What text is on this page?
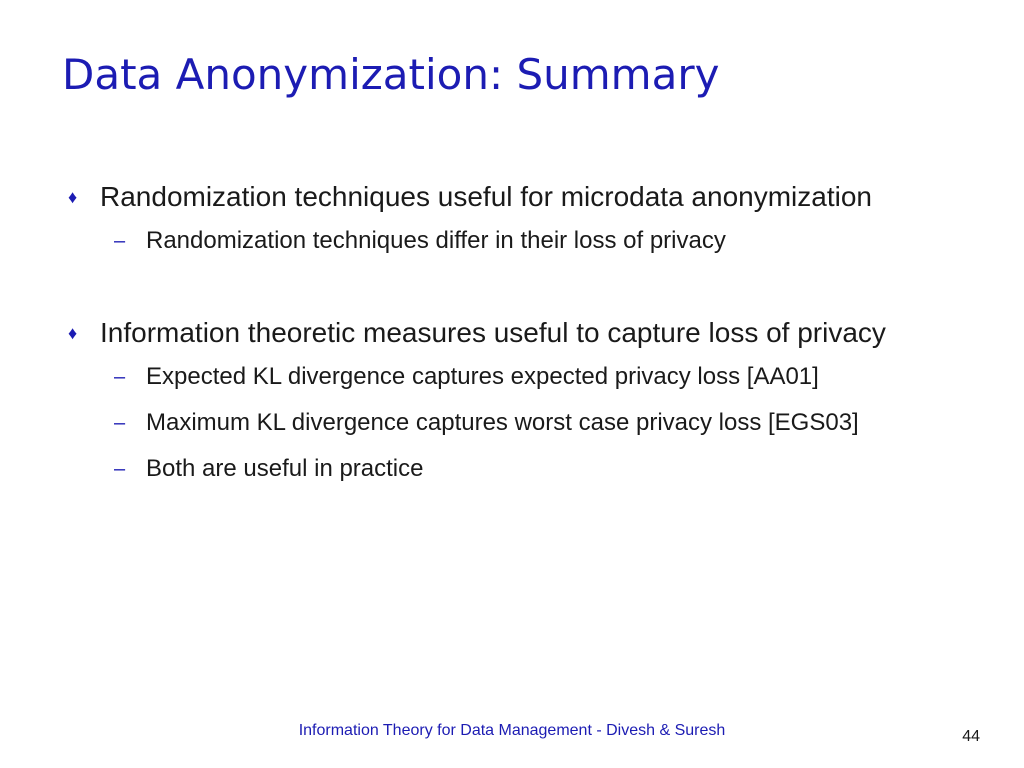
Data Anonymization: Summary
♦ Randomization techniques useful for microdata anonymization
– Randomization techniques differ in their loss of privacy
♦ Information theoretic measures useful to capture loss of privacy
– Expected KL divergence captures expected privacy loss [AA01]
– Maximum KL divergence captures worst case privacy loss [EGS03]
– Both are useful in practice
Information Theory for Data Management - Divesh & Suresh	44
